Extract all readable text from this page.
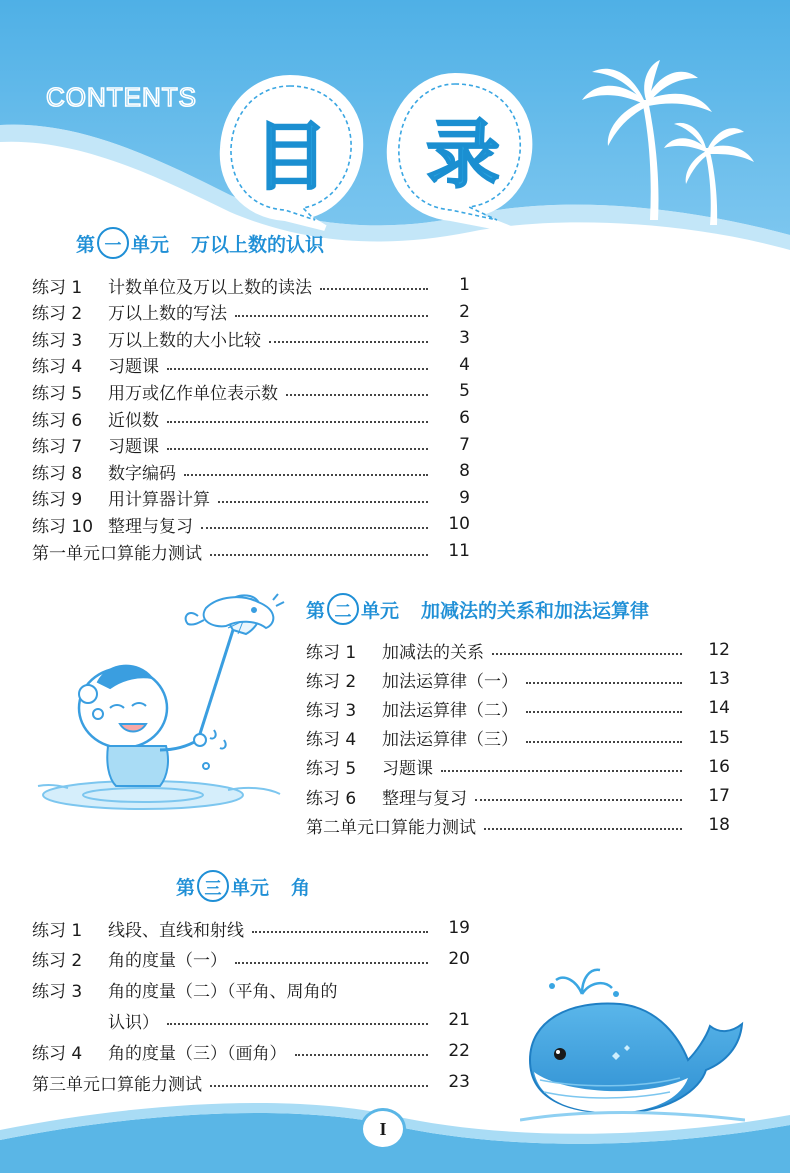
CONTENTS
目	录
第 一 单元 万以上数的认识
练习 1	计数单位及万以上数的读法	1
练习 2	万以上数的写法	2
练习 3	万以上数的大小比较	3
练习 4	习题课	4
练习 5	用万或亿作单位表示数	5
练习 6	近似数	6
练习 7	习题课	7
练习 8	数字编码	8
练习 9	用计算器计算	9
练习 10 整理与复习	10
第一单元口算能力测试	11
第 二 单元 加减法的关系和加法运算律
练习 1	加减法的关系	12
练习 2	加法运算律（一）	13
练习 3	加法运算律（二）	14
练习 4	加法运算律（三）	15
练习 5	习题课	16
练习 6	整理与复习	17
第二单元口算能力测试	18
第 三 单元 角
练习 1	线段、直线和射线	19
练习 2	角的度量（一）	20
练习 3	角的度量（二）（平角、周角的
认识）	21
练习 4	角的度量（三）（画角）	22
第三单元口算能力测试	23
I
